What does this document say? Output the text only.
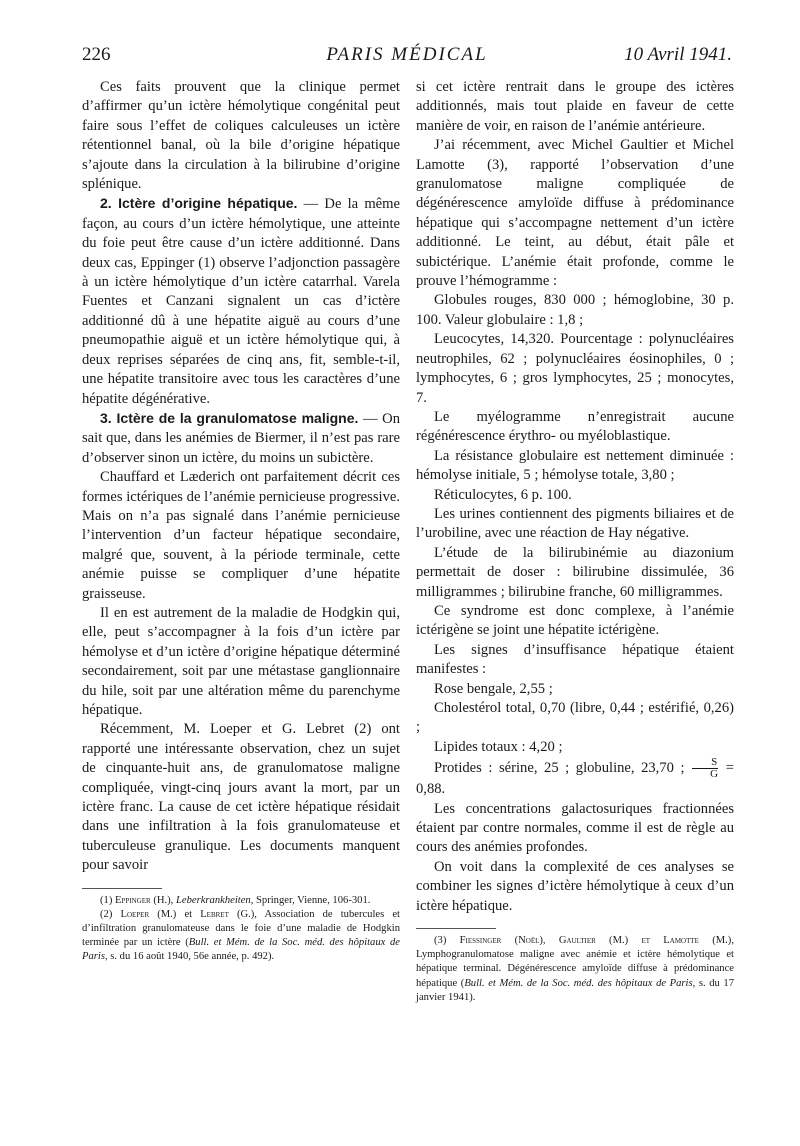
226	PARIS MÉDICAL	10 Avril 1941.

Ces faits prouvent que la clinique permet d’affirmer qu’un ictère hémolytique congénital peut faire sous l’effet de coliques calculeuses un ictère rétentionnel banal, où la bile d’origine hépatique s’ajoute dans la circulation à la bilirubine d’origine splénique.

2. Ictère d’origine hépatique. — De la même façon, au cours d’un ictère hémolytique, une atteinte du foie peut être cause d’un ictère additionné. Dans deux cas, Eppinger (1) observe l’adjonction passagère à un ictère hémolytique d’un ictère catarrhal. Varela Fuentes et Canzani signalent un cas d’ictère additionné dû à une hépatite aiguë au cours d’une pneumopathie aiguë et un ictère hémolytique qui, à deux reprises séparées de cinq ans, fit, semble-t-il, une hépatite transitoire avec tous les caractères d’une hépatite dégénérative.

3. Ictère de la granulomatose maligne. — On sait que, dans les anémies de Biermer, il n’est pas rare d’observer sinon un ictère, du moins un subictère.

Chauffard et Læderich ont parfaitement décrit ces formes ictériques de l’anémie pernicieuse progressive. Mais on n’a pas signalé dans l’anémie pernicieuse l’intervention d’un facteur hépatique secondaire, malgré que, souvent, à la période terminale, cette anémie puisse se compliquer d’une hépatite graisseuse.

Il en est autrement de la maladie de Hodgkin qui, elle, peut s’accompagner à la fois d’un ictère par hémolyse et d’un ictère d’origine hépatique déterminé secondairement, soit par une métastase ganglionnaire du hile, soit par une altération même du parenchyme hépatique.

Récemment, M. Loeper et G. Lebret (2) ont rapporté une intéressante observation, chez un sujet de cinquante-huit ans, de granulomatose maligne compliquée, vingt-cinq jours avant la mort, par un ictère franc. La cause de cet ictère hépatique résidait dans une infiltration à la fois granulomateuse et tuberculeuse granulique. Les documents manquent pour savoir

(1) Eppinger (H.), Leberkrankheiten, Springer, Vienne, 106-301.

(2) Loeper (M.) et Lebret (G.), Association de tubercules et d’infiltration granulomateuse dans le foie d’une maladie de Hodgkin terminée par un ictère (Bull. et Mém. de la Soc. méd. des hôpitaux de Paris, s. du 16 août 1940, 56e année, p. 492).

si cet ictère rentrait dans le groupe des ictères additionnés, mais tout plaide en faveur de cette manière de voir, en raison de l’anémie antérieure.

J’ai récemment, avec Michel Gaultier et Michel Lamotte (3), rapporté l’observation d’une granulomatose maligne compliquée de dégénérescence amyloïde diffuse à prédominance hépatique qui s’accompagne nettement d’un ictère additionné. Le teint, au début, était pâle et subictérique. L’anémie était profonde, comme le prouve l’hémogramme :

Globules rouges, 830 000 ; hémoglobine, 30 p. 100. Valeur globulaire : 1,8 ;

Leucocytes, 14,320. Pourcentage : polynucléaires neutrophiles, 62 ; polynucléaires éosinophiles, 0 ; lymphocytes, 6 ; gros lymphocytes, 25 ; monocytes, 7.

Le myélogramme n’enregistrait aucune régénérescence érythro- ou myéloblastique.

La résistance globulaire est nettement diminuée : hémolyse initiale, 5 ; hémolyse totale, 3,80 ;

Réticulocytes, 6 p. 100.

Les urines contiennent des pigments biliaires et de l’urobiline, avec une réaction de Hay négative.

L’étude de la bilirubinémie au diazonium permettait de doser : bilirubine dissimulée, 36 milligrammes ; bilirubine franche, 60 milligrammes.

Ce syndrome est donc complexe, à l’anémie ictérigène se joint une hépatite ictérigène.

Les signes d’insuffisance hépatique étaient manifestes :

Rose bengale, 2,55 ;

Cholestérol total, 0,70 (libre, 0,44 ; estérifié, 0,26) ;

Lipides totaux : 4,20 ;

Protides : sérine, 25 ; globuline, 23,70 ; $\frac{S}{G} = 0,88$.

Les concentrations galactosuriques fractionnées étaient par contre normales, comme il est de règle au cours des anémies profondes.

On voit dans la complexité de ces analyses se combiner les signes d’ictère hémolytique à ceux d’un ictère hépatique.

(3) Fiessinger (Noël), Gaultier (M.) et Lamotte (M.), Lymphogranulomatose maligne avec anémie et ictère hémolytique et hépatique terminal. Dégénérescence amyloïde diffuse à prédominance hépatique (Bull. et Mém. de la Soc. méd. des hôpitaux de Paris, s. du 17 janvier 1941).
